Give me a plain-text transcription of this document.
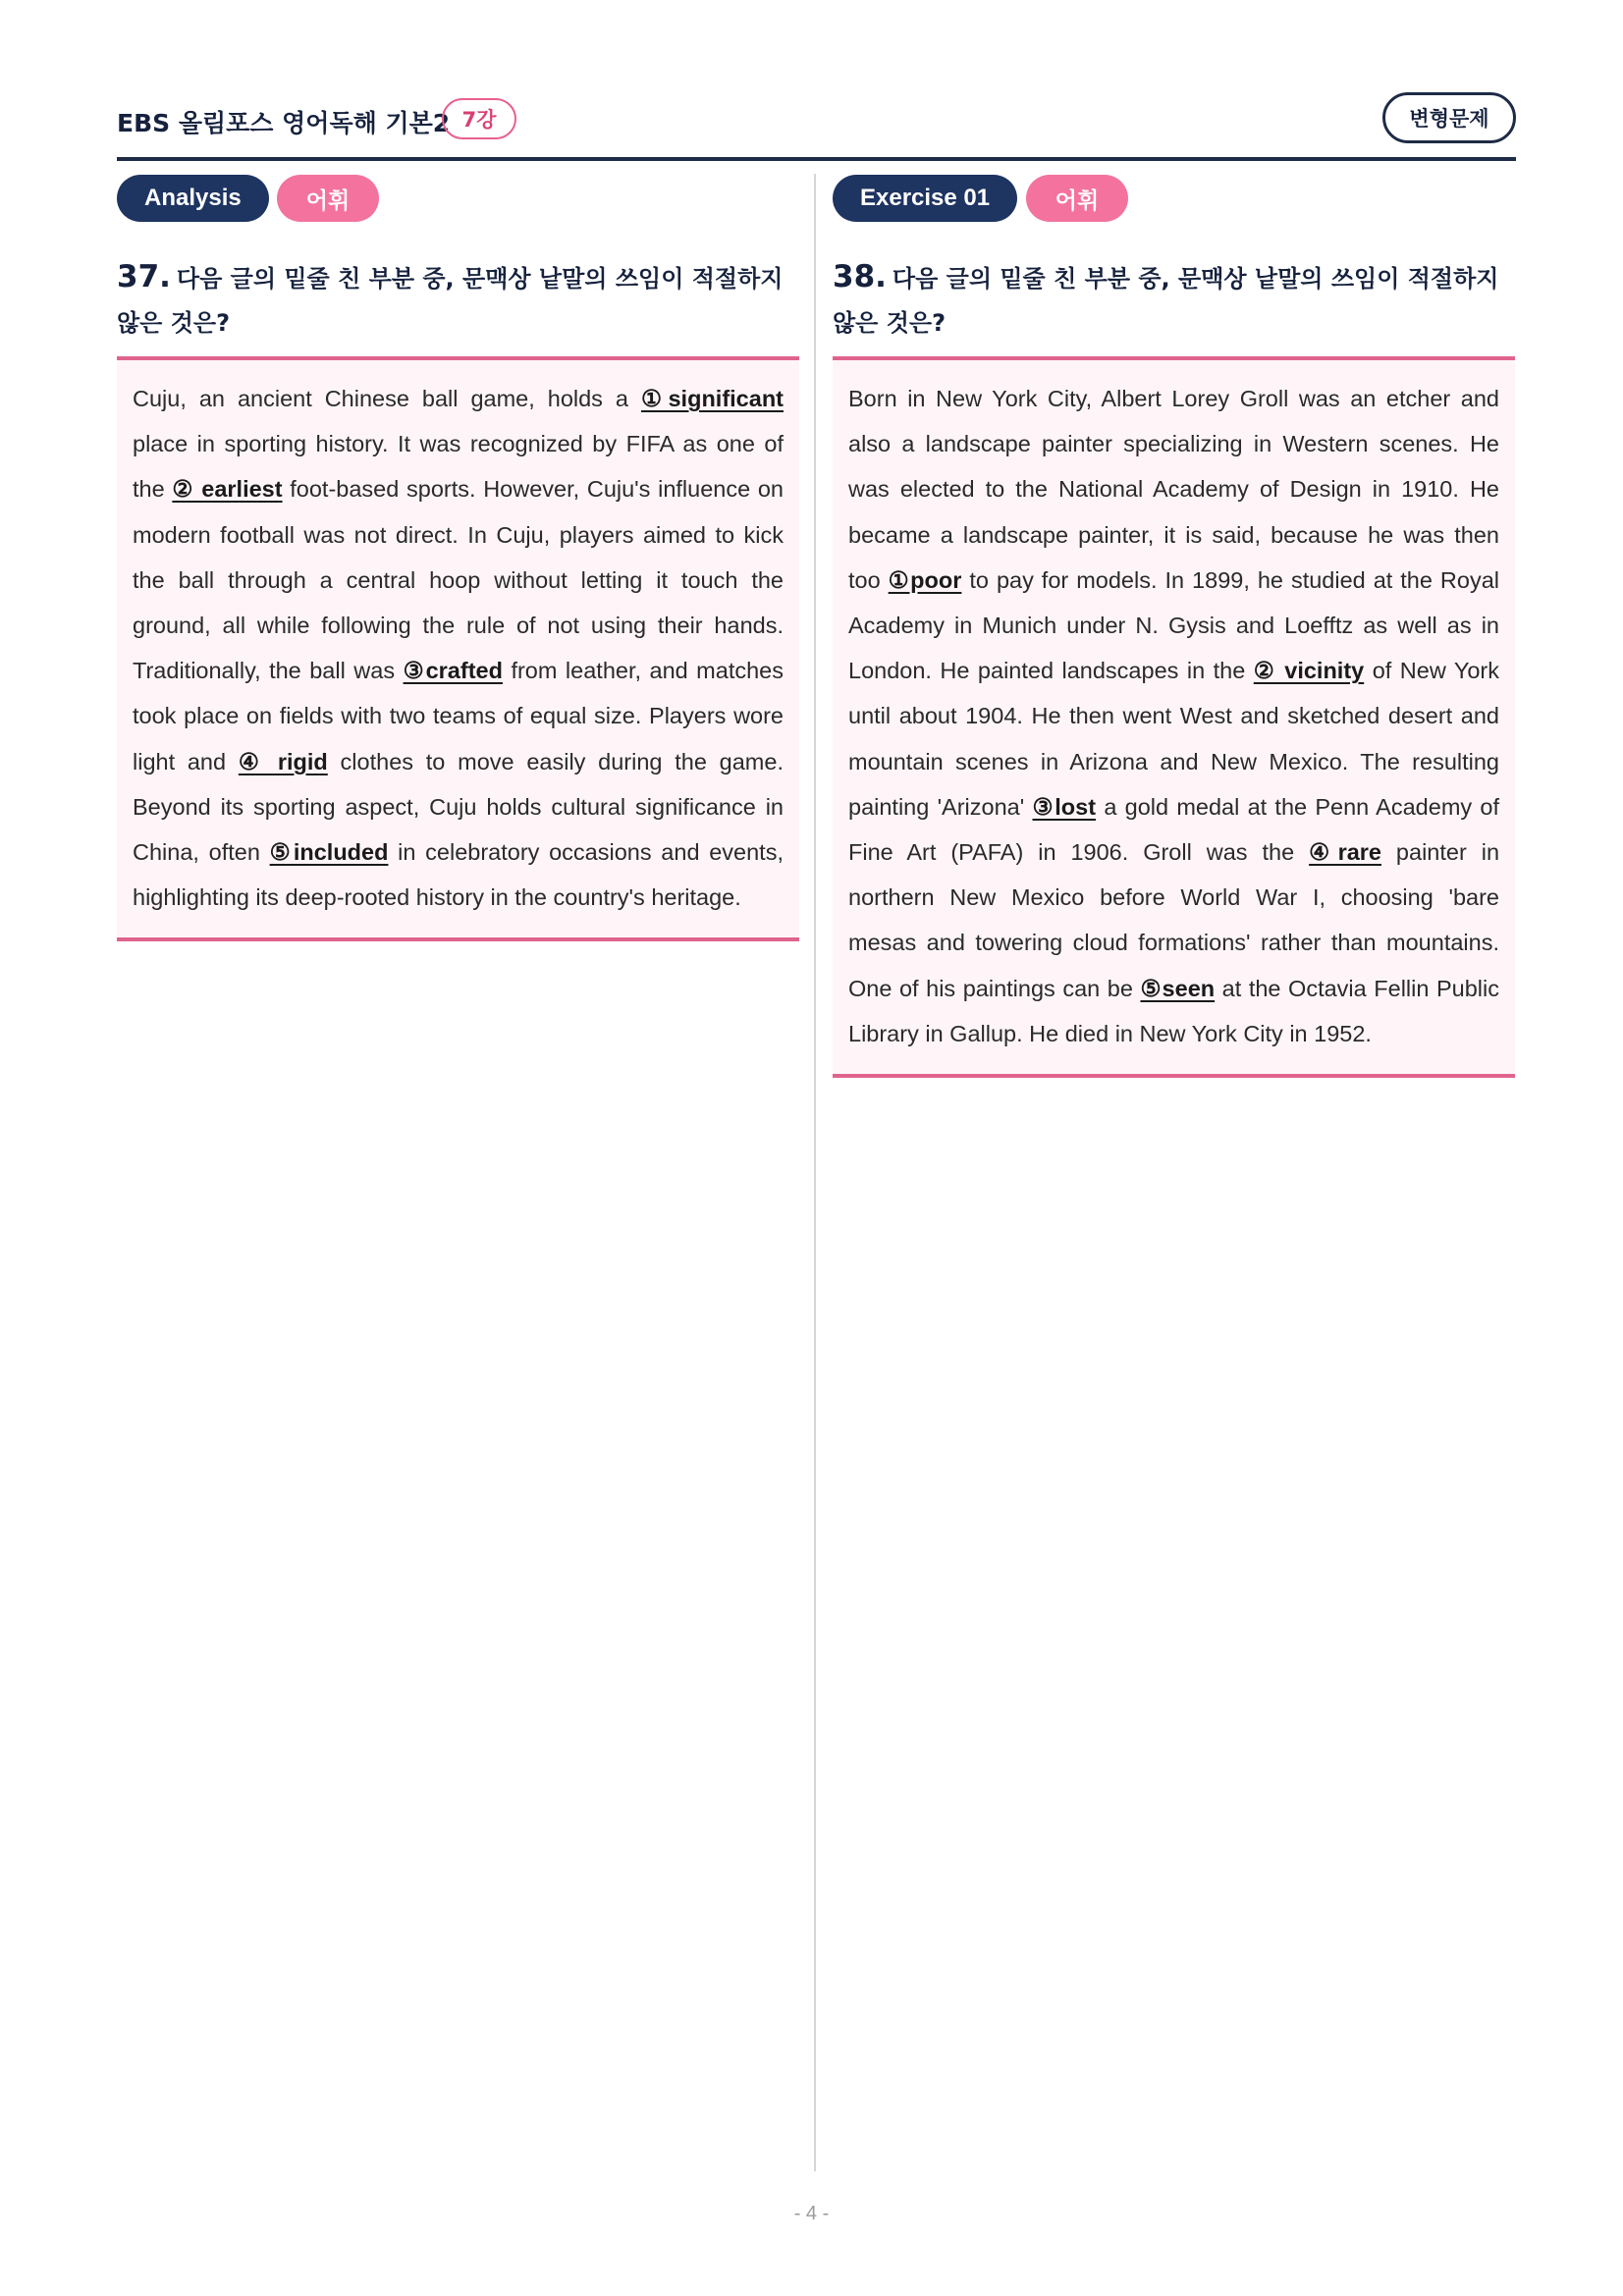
EBS 올림포스 영어독해 기본2 7강	변형문제
Analysis	어휘
37. 다음 글의 밑줄 친 부분 중, 문맥상 낱말의 쓰임이 적절하지 않은 것은?

Cuju, an ancient Chinese ball game, holds a ①significant place in sporting history. It was recognized by FIFA as one of the ② earliest foot-based sports. However, Cuju's influence on modern football was not direct. In Cuju, players aimed to kick the ball through a central hoop without letting it touch the ground, all while following the rule of not using their hands. Traditionally, the ball was ③crafted from leather, and matches took place on fields with two teams of equal size. Players wore light and ④ rigid clothes to move easily during the game. Beyond its sporting aspect, Cuju holds cultural significance in China, often ⑤included in celebratory occasions and events, highlighting its deep-rooted history in the country's heritage.

Exercise 01	어휘
38. 다음 글의 밑줄 친 부분 중, 문맥상 낱말의 쓰임이 적절하지 않은 것은?

Born in New York City, Albert Lorey Groll was an etcher and also a landscape painter specializing in Western scenes. He was elected to the National Academy of Design in 1910. He became a landscape painter, it is said, because he was then too ①poor to pay for models. In 1899, he studied at the Royal Academy in Munich under N. Gysis and Loefftz as well as in London. He painted landscapes in the ② vicinity of New York until about 1904. He then went West and sketched desert and mountain scenes in Arizona and New Mexico. The resulting painting 'Arizona' ③lost a gold medal at the Penn Academy of Fine Art (PAFA) in 1906. Groll was the ④rare painter in northern New Mexico before World War I, choosing 'bare mesas and towering cloud formations' rather than mountains. One of his paintings can be ⑤seen at the Octavia Fellin Public Library in Gallup. He died in New York City in 1952.

- 4 -
